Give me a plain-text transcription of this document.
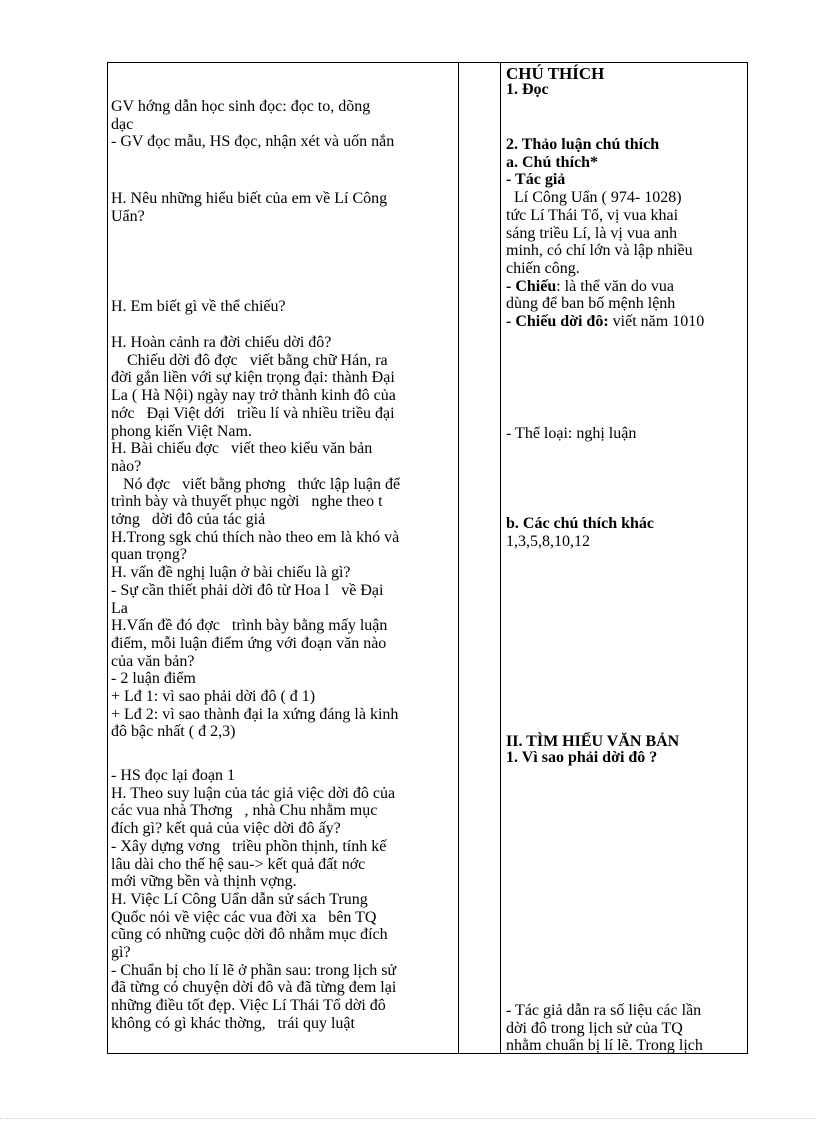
GV hớng dẫn học sinh đọc: đọc to, dõng

dạc

- GV đọc mẫu, HS đọc, nhận xét và uốn nắn

H. Nêu những hiểu biết của em về Lí Công

Uẩn?

H. Em biết gì về thể chiếu?

H. Hoàn cảnh ra đời chiếu dời đô?

Chiếu dời đô đợc   viết bằng chữ Hán, ra

đời gắn liền với sự kiện trọng đại: thành Đại

La ( Hà Nội) ngày nay trở thành kinh đô của

nớc   Đại Việt dới   triều lí và nhiều triều đại

phong kiến Việt Nam.

H. Bài chiếu đợc   viết theo kiểu văn bản

nào?

Nó đợc   viết bằng phơng   thức lập luận để

trình bày và thuyết phục ngời   nghe theo t

tởng   dời đô của tác giả

H.Trong sgk chú thích nào theo em là khó và

quan trọng?

H. vấn đề nghị luận ở bài chiếu là gì?

- Sự cần thiết phải dời đô từ Hoa l   về Đại

La

H.Vấn đề đó đợc   trình bày bằng mấy luận

điểm, mỗi luận điểm ứng với đoạn văn nào

của văn bản?

- 2 luận điểm

+ Lđ 1: vì sao phải dời đô ( đ 1)

+ Lđ 2: vì sao thành đại la xứng đáng là kinh

đô bậc nhất ( đ 2,3)

- HS đọc lại đoạn 1

H. Theo suy luận của tác giả việc dời đô của

các vua nhà Thơng   , nhà Chu nhằm mục

đích gì? kết quả của việc dời đô ấy?

- Xây dựng vơng   triều phồn thịnh, tính kế

lâu dài cho thế hệ sau-> kết quả đất nớc

mới vững bền và thịnh vợng.

H. Việc Lí Công Uẩn dẫn sử sách Trung

Quốc nói về việc các vua đời xa   bên TQ

cũng có những cuộc dời đô nhằm mục đích

gì?

- Chuẩn bị cho lí lẽ ở phần sau: trong lịch sử

đã từng có chuyện dời đô và đã từng đem lại

những điều tốt đẹp. Việc Lí Thái Tổ dời đô

không có gì khác thờng,   trái quy luật

CHÚ THÍCH

1. Đọc

2. Thảo luận chú thích

a. Chú thích*

- Tác giả

Lí Công Uẩn ( 974- 1028)

tức Lí Thái Tổ, vị vua khai

sáng triều Lí, là vị vua anh

minh, có chí lớn và lập nhiều

chiến công.

- Chiếu: là thể văn do vua

dùng để ban bố mệnh lệnh

- Chiếu dời đô: viết năm 1010

- Thể loại: nghị luận

b. Các chú thích khác

1,3,5,8,10,12

II. TÌM HIỂU VĂN BẢN

1. Vì sao phải dời đô ?

- Tác giả dẫn ra số liệu các lần

dời đô trong lịch sử của TQ

nhằm chuẩn bị lí lẽ. Trong lịch
